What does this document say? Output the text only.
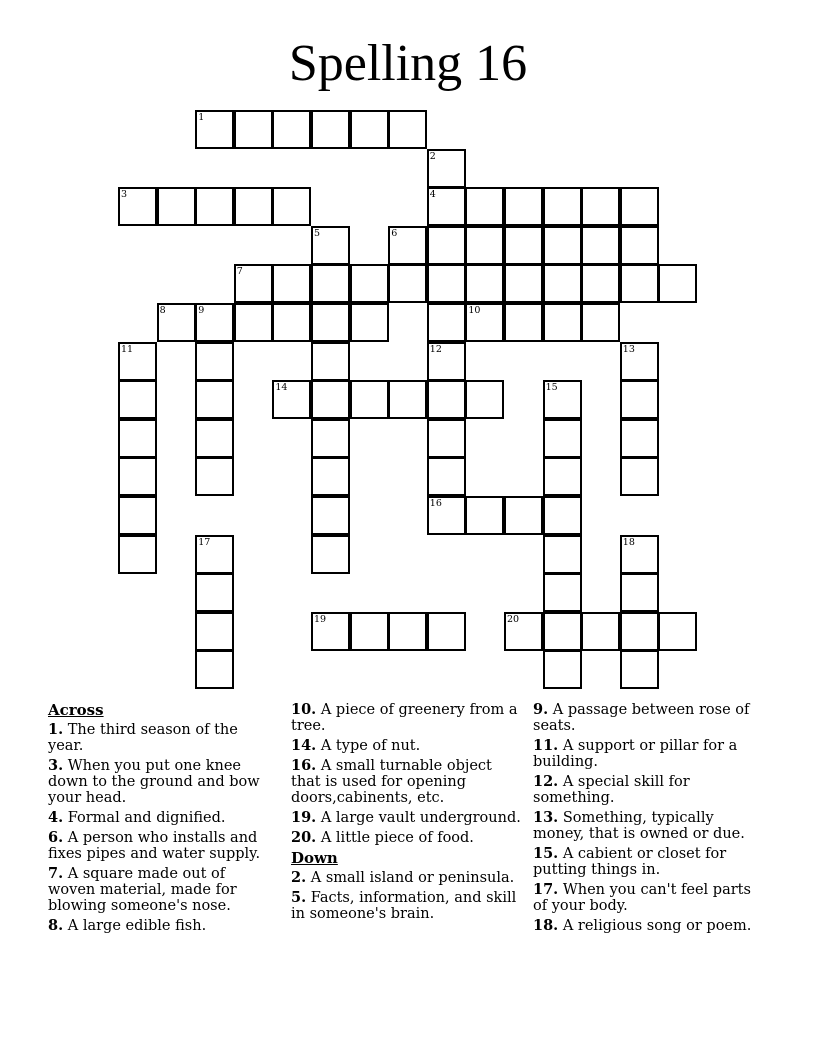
Spelling 16
1
2
4
3
5	6
7
8	9	10
11	12
16
13
14	15
17	18
19	20
Across
1. The third season of the year.
3. When you put one knee down to the ground and bow your head.
4. Formal and dignified.
6. A person who installs and fixes pipes and water supply.
7. A square made out of woven material, made for blowing someone's nose.
8. A large edible fish.
10. A piece of greenery from a tree.
14. A type of nut.
16. A small turnable object that is used for opening doors,cabinents, etc.
19. A large vault underground.
20. A little piece of food.
Down
2. A small island or peninsula.
5. Facts, information, and skill in someone's brain.
9. A passage between rose of seats.
11. A support or pillar for a building.
12. A special skill for something.
13. Something, typically money, that is owned or due.
15. A cabient or closet for putting things in.
17. When you can't feel parts of your body.
18. A religious song or poem.
